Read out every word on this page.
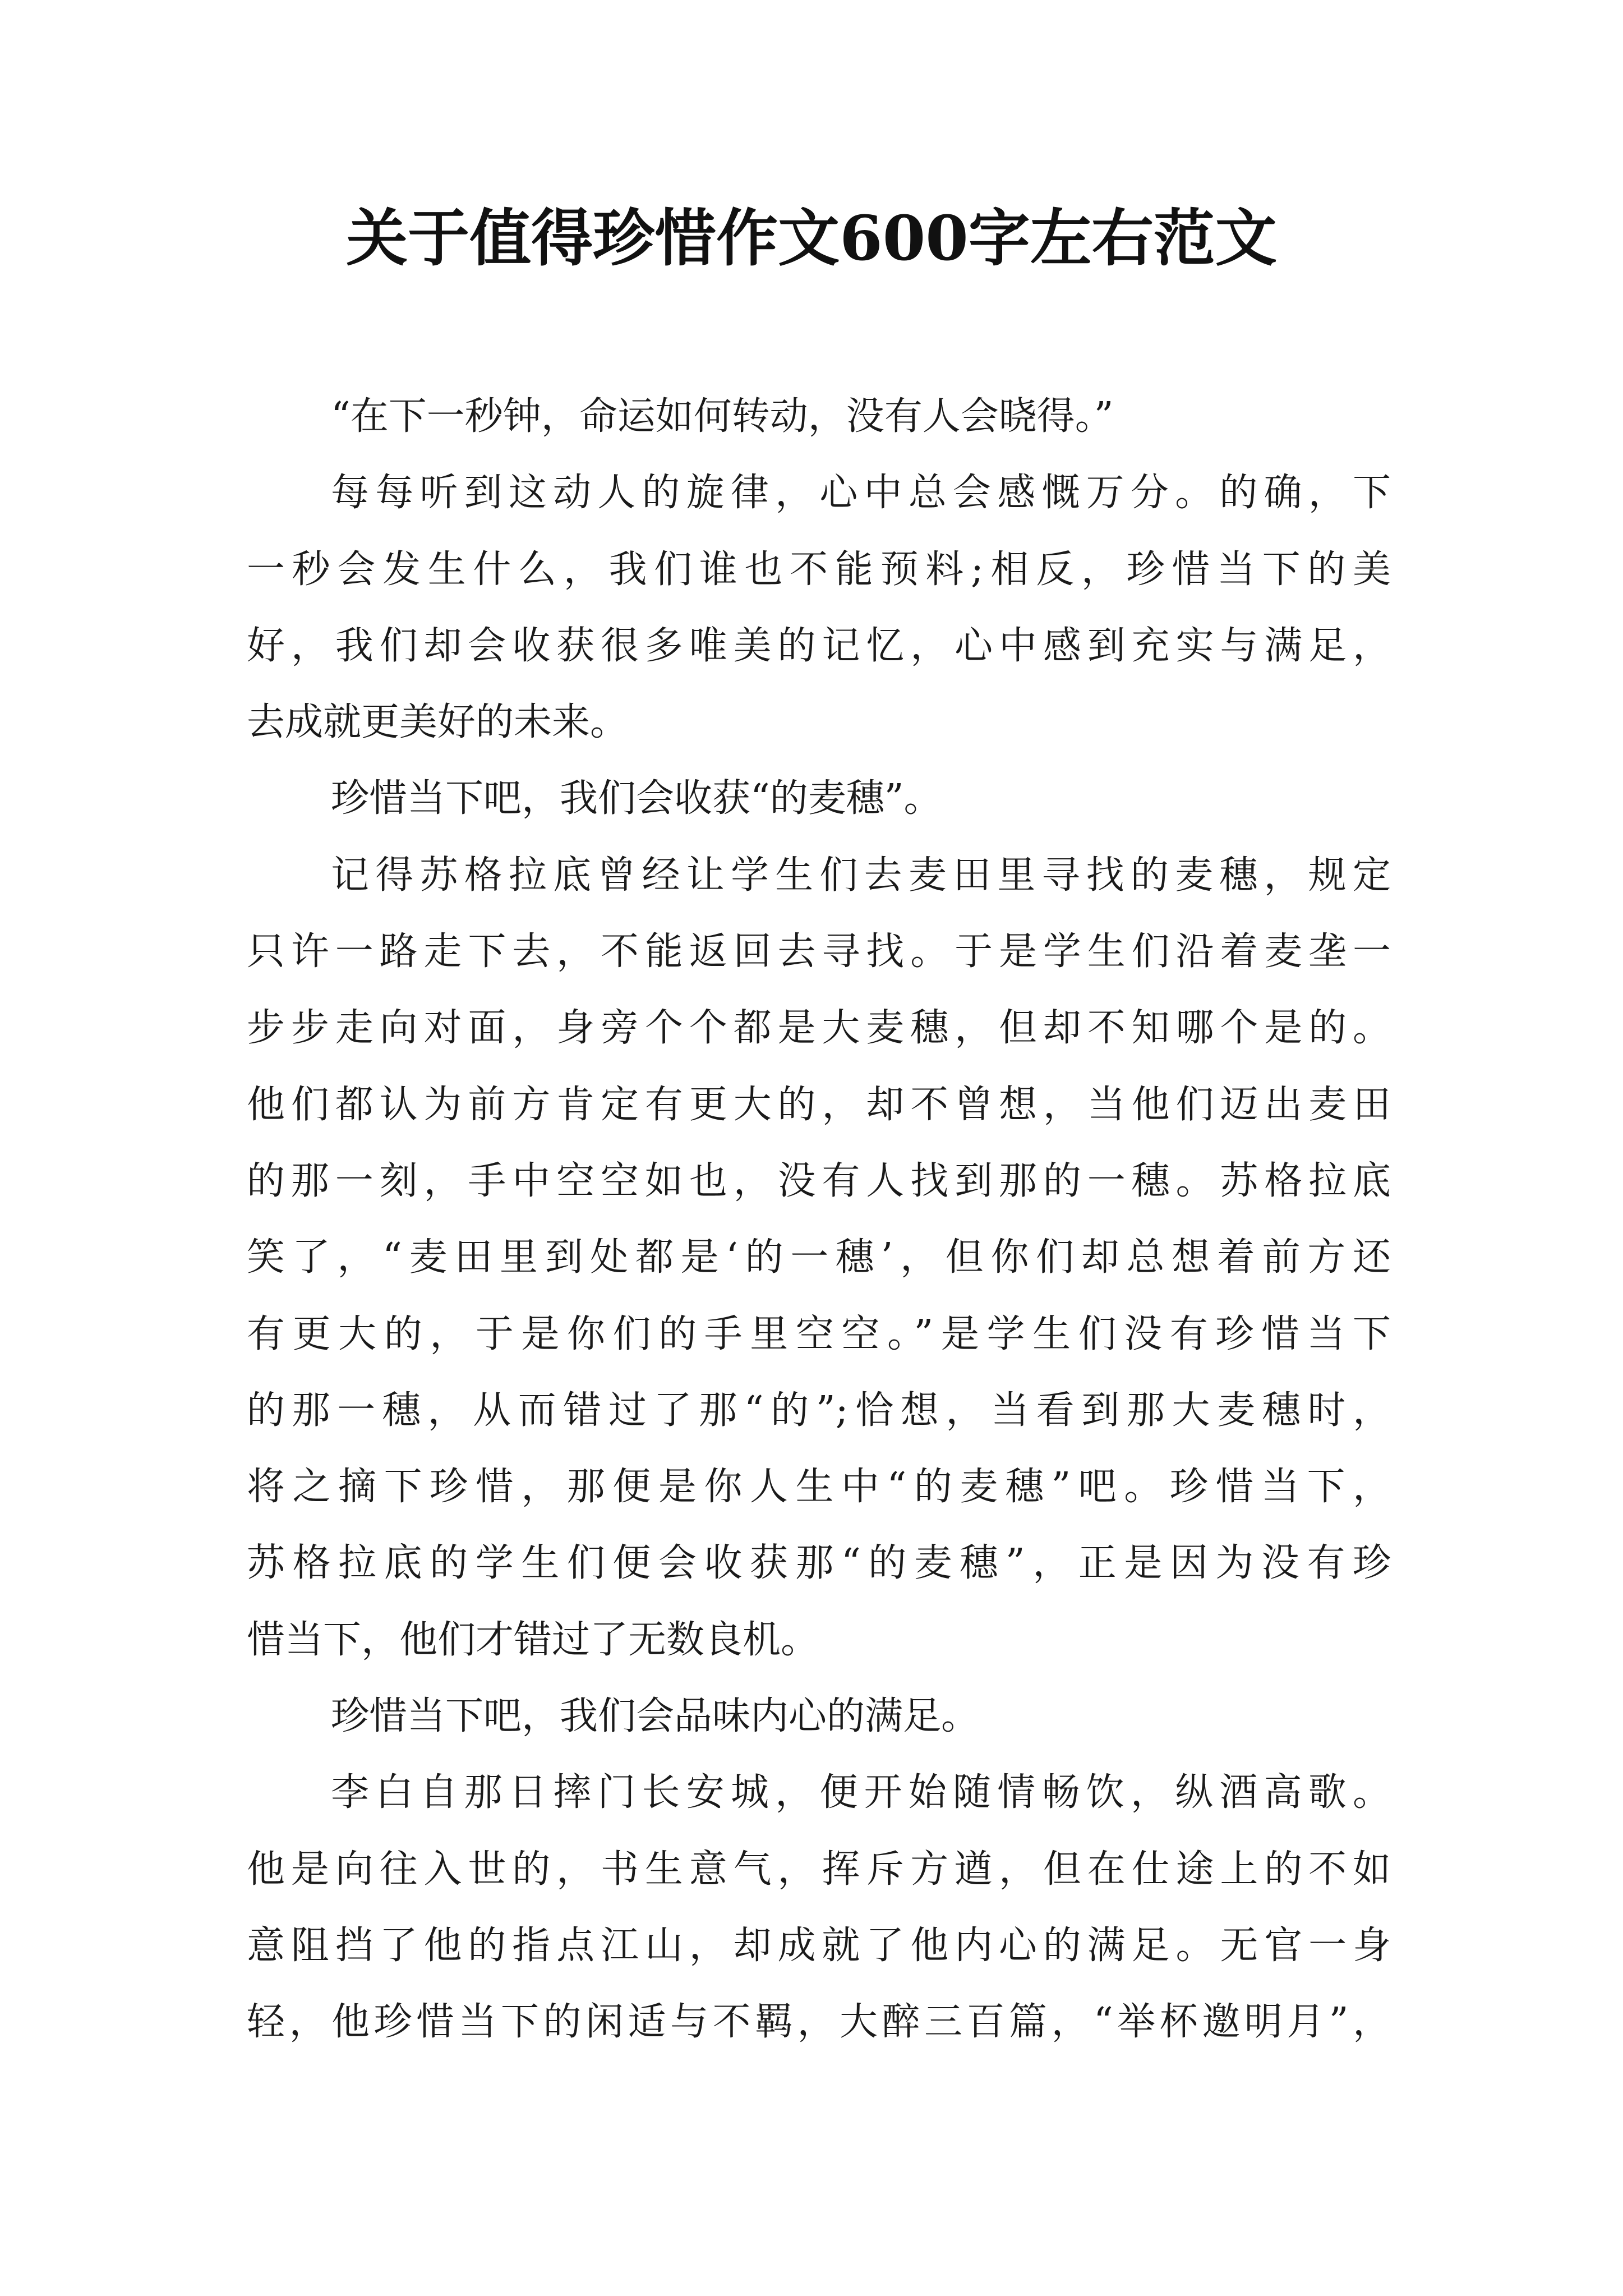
关于值得珍惜作文600字左右范文
“在下一秒钟，命运如何转动，没有人会晓得。”
每每听到这动人的旋律，心中总会感慨万分。的确，下
一秒会发生什么，我们谁也不能预料;相反，珍惜当下的美
好，我们却会收获很多唯美的记忆，心中感到充实与满足，
去成就更美好的未来。
珍惜当下吧，我们会收获“的麦穗”。
记得苏格拉底曾经让学生们去麦田里寻找的麦穗，规定
只许一路走下去，不能返回去寻找。于是学生们沿着麦垄一
步步走向对面，身旁个个都是大麦穗，但却不知哪个是的。
他们都认为前方肯定有更大的，却不曾想，当他们迈出麦田
的那一刻，手中空空如也，没有人找到那的一穗。苏格拉底
笑了，“麦田里到处都是‘的一穗’，但你们却总想着前方还
有更大的，于是你们的手里空空。”是学生们没有珍惜当下
的那一穗，从而错过了那“的”;恰想，当看到那大麦穗时，
将之摘下珍惜，那便是你人生中“的麦穗”吧。珍惜当下，
苏格拉底的学生们便会收获那“的麦穗”，正是因为没有珍
惜当下，他们才错过了无数良机。
珍惜当下吧，我们会品味内心的满足。
李白自那日摔门长安城，便开始随情畅饮，纵酒高歌。
他是向往入世的，书生意气，挥斥方遒，但在仕途上的不如
意阻挡了他的指点江山，却成就了他内心的满足。无官一身
轻，他珍惜当下的闲适与不羁，大醉三百篇，“举杯邀明月”，
